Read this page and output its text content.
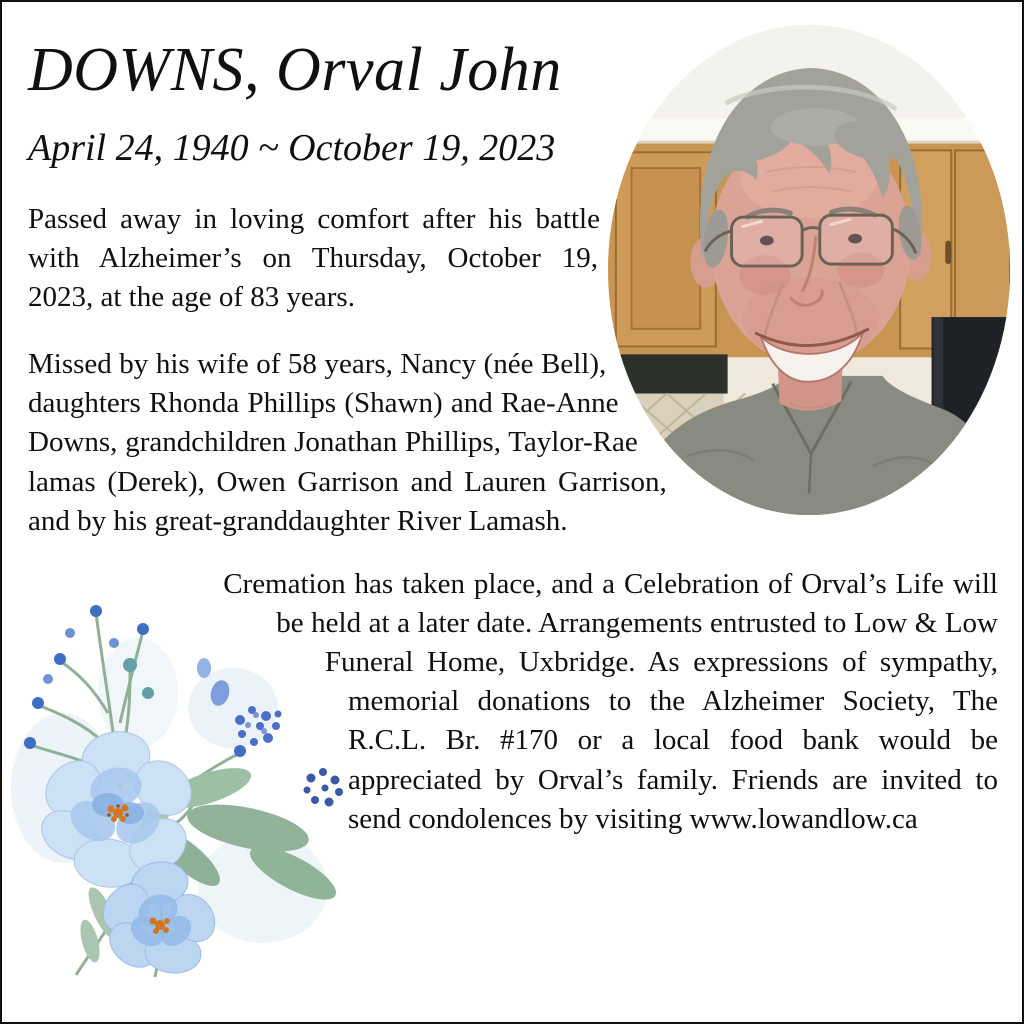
DOWNS, Orval John
April 24, 1940 ~ October 19, 2023

Passed away in loving comfort after his battle with Alzheimer’s on Thursday, October 19, 2023, at the age of 83 years.

Missed by his wife of 58 years, Nancy (née Bell), daughters Rhonda Phillips (Shawn) and Rae-Anne Downs, grandchildren Jonathan Phillips, Taylor-Rae lamas (Derek), Owen Garrison and Lauren Garrison, and by his great-granddaughter River Lamash.

Cremation has taken place, and a Celebration of Orval’s Life will be held at a later date. Arrangements entrusted to Low & Low Funeral Home, Uxbridge. As expressions of sympathy, memorial donations to the Alzheimer Society, The R.C.L. Br. #170 or a local food bank would be appreciated by Orval’s family. Friends are invited to send condolences by visiting www.lowandlow.ca
